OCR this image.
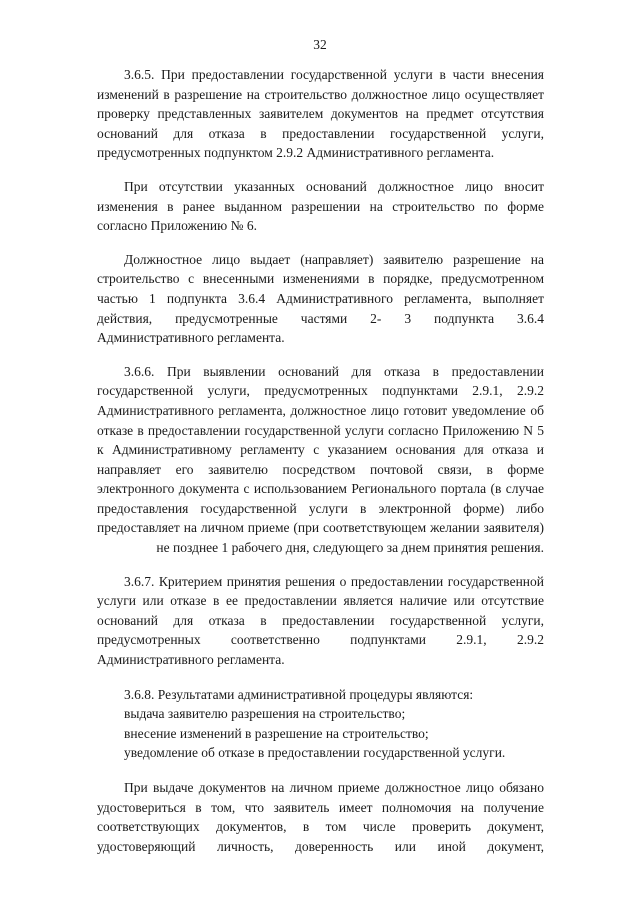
32

3.6.5. При предоставлении государственной услуги в части внесения изменений в разрешение на строительство должностное лицо осуществляет проверку представленных заявителем документов на предмет отсутствия оснований для отказа в предоставлении государственной услуги, предусмотренных подпунктом 2.9.2 Административного регламента.

При отсутствии указанных оснований должностное лицо вносит изменения в ранее выданном разрешении на строительство по форме согласно Приложению № 6.

Должностное лицо выдает (направляет) заявителю разрешение на строительство с внесенными изменениями в порядке, предусмотренном частью 1 подпункта 3.6.4 Административного регламента, выполняет действия, предусмотренные частями 2- 3 подпункта 3.6.4 Административного регламента.

3.6.6. При выявлении оснований для отказа в предоставлении государственной услуги, предусмотренных подпунктами 2.9.1, 2.9.2 Административного регламента, должностное лицо готовит уведомление об отказе в предоставлении государственной услуги согласно Приложению N 5 к Административному регламенту с указанием основания для отказа и направляет его заявителю посредством почтовой связи, в форме электронного документа с использованием Регионального портала (в случае предоставления государственной услуги в электронной форме) либо предоставляет на личном приеме (при соответствующем желании заявителя) не позднее 1 рабочего дня, следующего за днем принятия решения.

3.6.7. Критерием принятия решения о предоставлении государственной услуги или отказе в ее предоставлении является наличие или отсутствие оснований для отказа в предоставлении государственной услуги, предусмотренных соответственно подпунктами 2.9.1, 2.9.2 Административного регламента.

3.6.8. Результатами административной процедуры являются:

выдача заявителю разрешения на строительство;

внесение изменений в разрешение на строительство;

уведомление об отказе в предоставлении государственной услуги.

При выдаче документов на личном приеме должностное лицо обязано удостовериться в том, что заявитель имеет полномочия на получение соответствующих документов, в том числе проверить документ, удостоверяющий личность, доверенность или иной документ,
